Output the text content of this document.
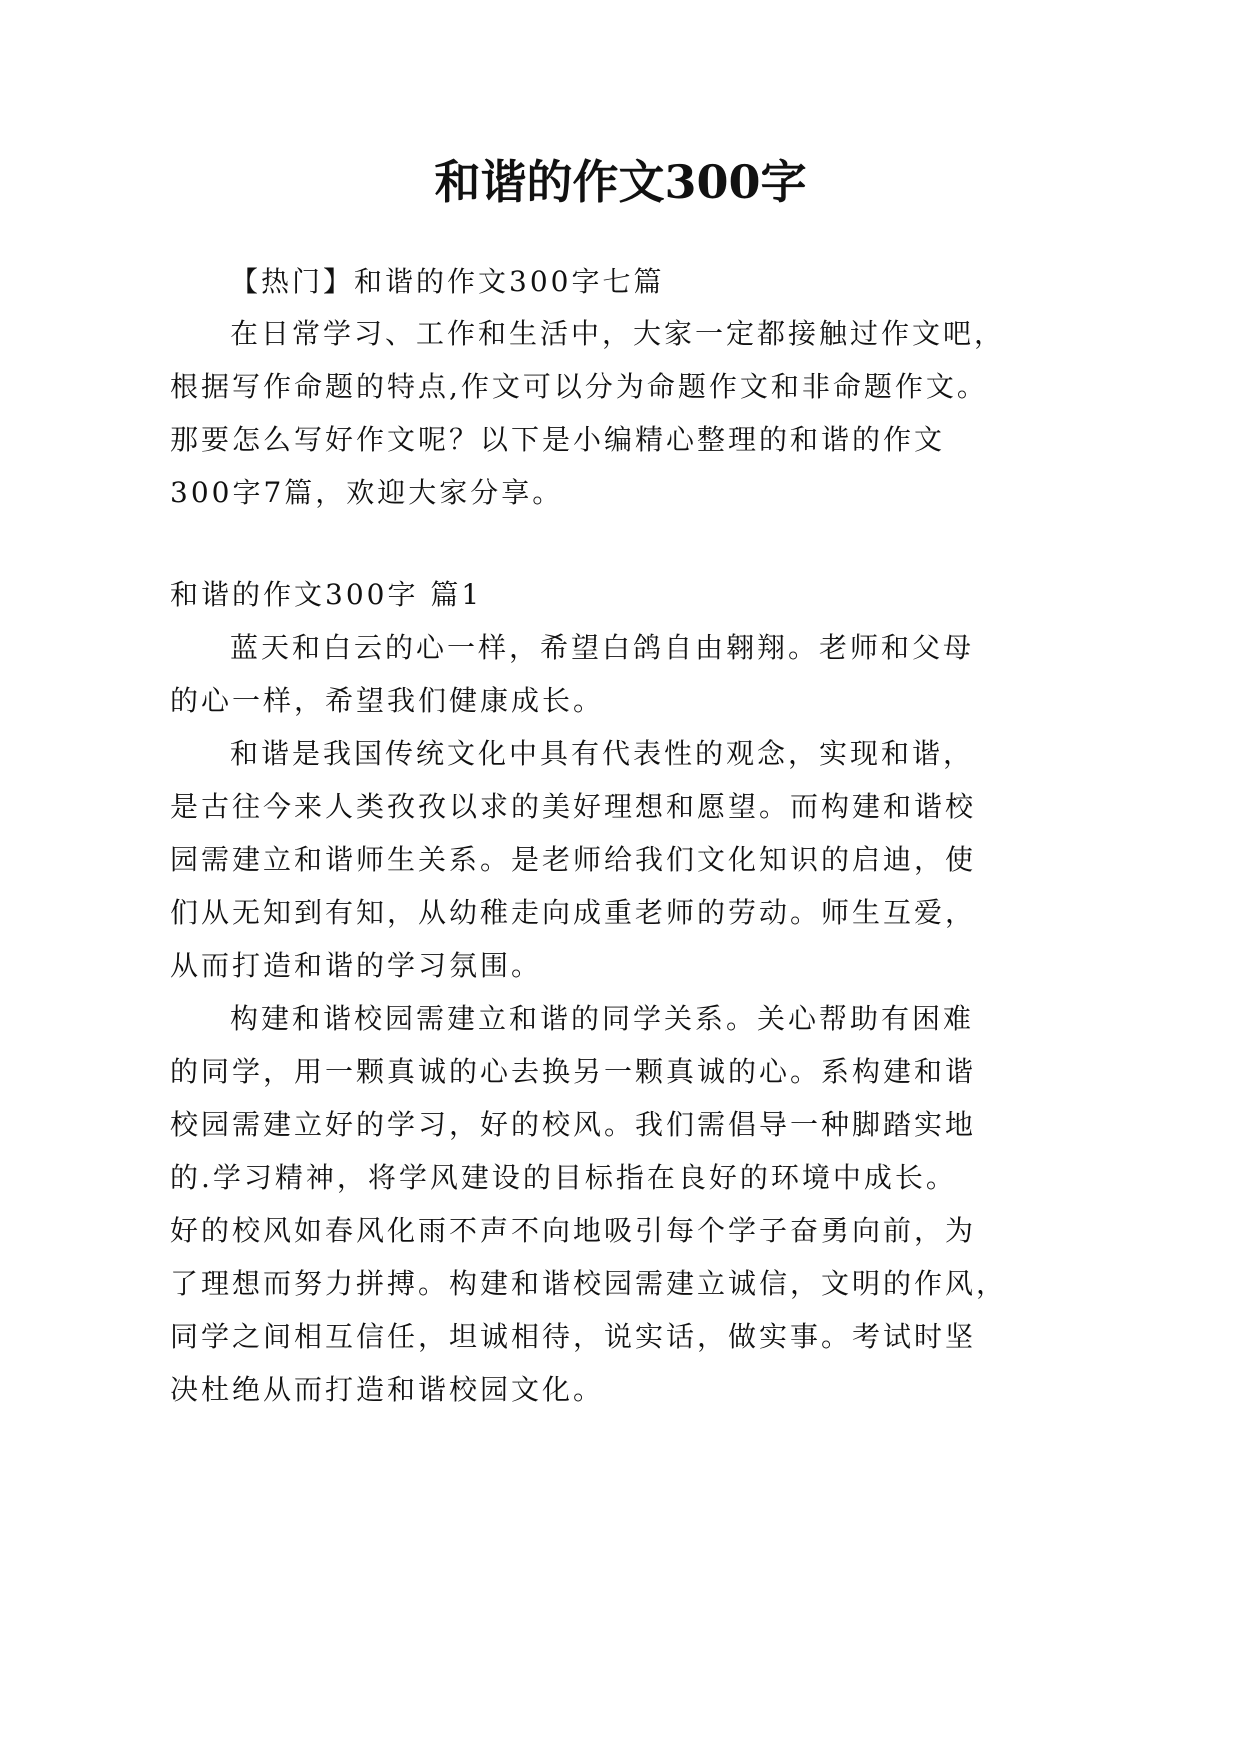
和谐的作文300字
【热门】和谐的作文300字七篇
在日常学习、工作和生活中，大家一定都接触过作文吧，
根据写作命题的特点,作文可以分为命题作文和非命题作文。
那要怎么写好作文呢？以下是小编精心整理的和谐的作文
300字7篇，欢迎大家分享。
和谐的作文300字 篇1
蓝天和白云的心一样，希望白鸽自由翱翔。老师和父母
的心一样，希望我们健康成长。
和谐是我国传统文化中具有代表性的观念，实现和谐，
是古往今来人类孜孜以求的美好理想和愿望。而构建和谐校
园需建立和谐师生关系。是老师给我们文化知识的启迪，使
们从无知到有知，从幼稚走向成重老师的劳动。师生互爱，
从而打造和谐的学习氛围。
构建和谐校园需建立和谐的同学关系。关心帮助有困难
的同学，用一颗真诚的心去换另一颗真诚的心。系构建和谐
校园需建立好的学习，好的校风。我们需倡导一种脚踏实地
的.学习精神，将学风建设的目标指在良好的环境中成长。
好的校风如春风化雨不声不向地吸引每个学子奋勇向前，为
了理想而努力拼搏。构建和谐校园需建立诚信，文明的作风，
同学之间相互信任，坦诚相待，说实话，做实事。考试时坚
决杜绝从而打造和谐校园文化。
